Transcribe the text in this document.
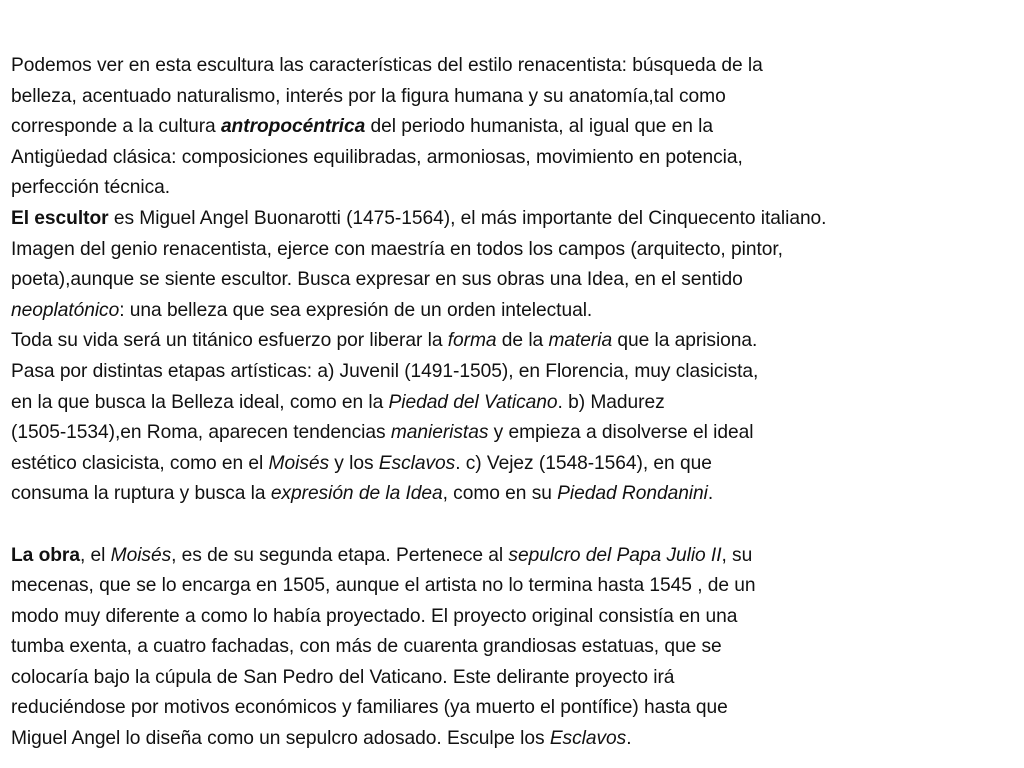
Podemos ver en esta escultura las características del estilo renacentista: búsqueda de la
belleza, acentuado naturalismo, interés por la figura humana y su anatomía,tal como
corresponde a la cultura antropocéntrica del periodo humanista, al igual que en la
Antigüedad clásica: composiciones equilibradas, armoniosas, movimiento en potencia,
perfección técnica.
El escultor es Miguel Angel Buonarotti (1475-1564), el más importante del Cinquecento italiano.
Imagen del genio renacentista, ejerce con maestría en todos los campos (arquitecto, pintor,
poeta),aunque se siente escultor. Busca expresar en sus obras una Idea, en el sentido
neoplatónico: una belleza que sea expresión de un orden intelectual.
Toda su vida será un titánico esfuerzo por liberar la forma de la materia que la aprisiona.
Pasa por distintas etapas artísticas: a) Juvenil (1491-1505), en Florencia, muy clasicista,
en la que busca la Belleza ideal, como en la Piedad del Vaticano. b) Madurez
(1505-1534),en Roma, aparecen tendencias manieristas y empieza a disolverse el ideal
estético clasicista, como en el Moisés y los Esclavos. c) Vejez (1548-1564), en que
consuma la ruptura y busca la expresión de la Idea, como en su Piedad Rondanini.
La obra, el Moisés, es de su segunda etapa. Pertenece al sepulcro del Papa Julio II, su
mecenas, que se lo encarga en 1505, aunque el artista no lo termina hasta 1545 , de un
modo muy diferente a como lo había proyectado. El proyecto original consistía en una
tumba exenta, a cuatro fachadas, con más de cuarenta grandiosas estatuas, que se
colocaría bajo la cúpula de San Pedro del Vaticano. Este delirante proyecto irá
reduciéndose por motivos económicos y familiares (ya muerto el pontífice) hasta que
Miguel Angel lo diseña como un sepulcro adosado. Esculpe los Esclavos.
